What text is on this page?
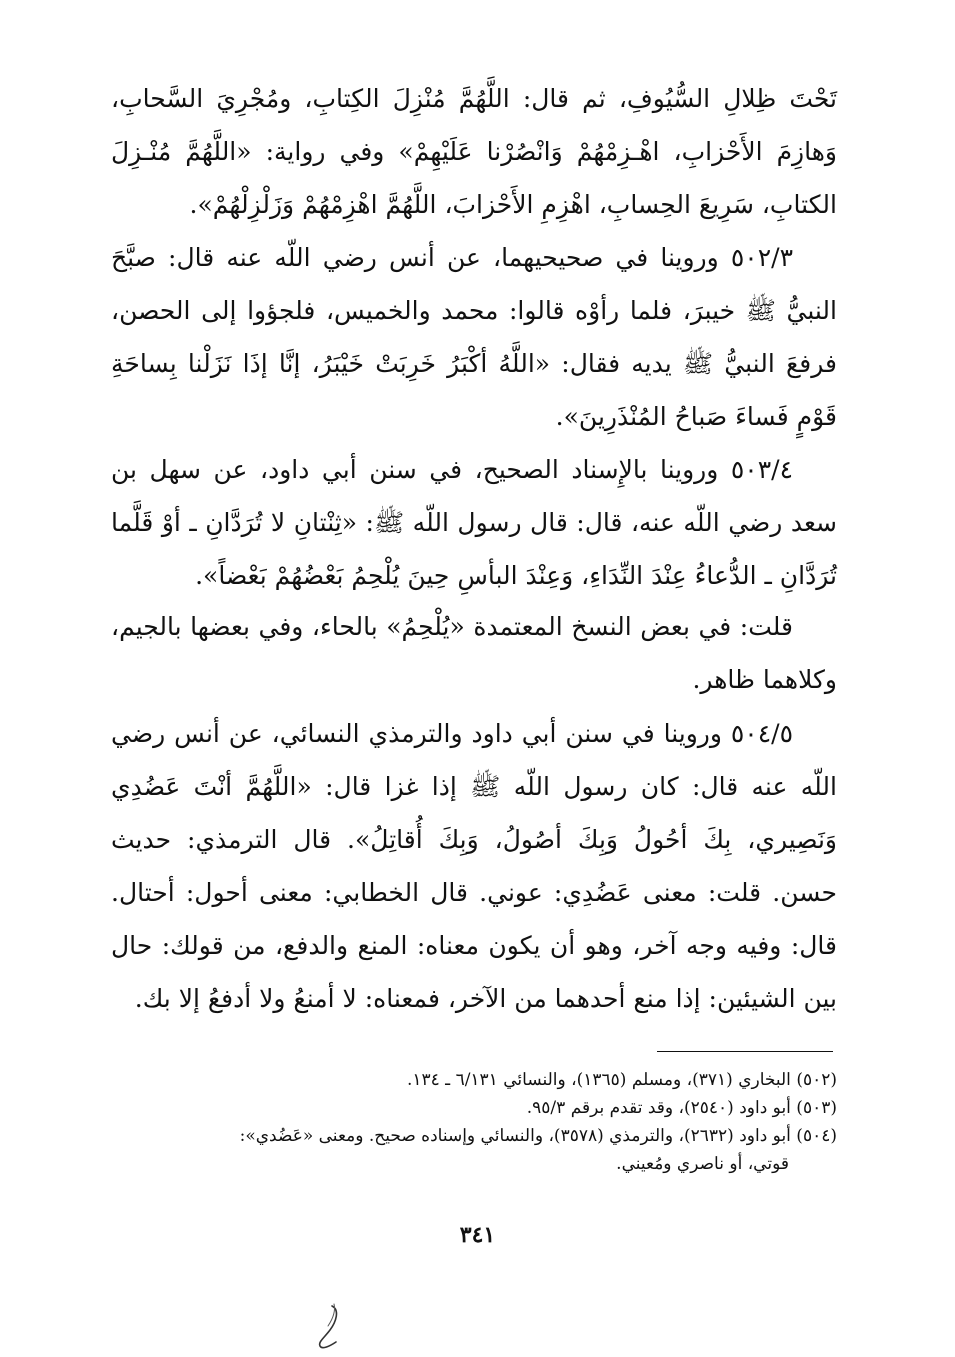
تَحْتَ ظِلالِ السُّيُوفِ، ثم قال: اللَّهُمَّ مُنْزِلَ الكِتابِ، ومُجْرِيَ السَّحابِ، وَهازِمَ الأَحْزابِ، اهْـزِمْهُمْ وَانْصُرْنا عَلَيْهِمْ» وفي رواية: «اللَّهُمَّ مُنْـزِلَ الكتابِ، سَرِيعَ الحِسابِ، اهْزِمِ الأَحْزابَ، اللَّهُمَّ اهْزِمْهُمْ وَزَلْزِلْهُمْ».

٥٠٢/٣ وروينا في صحيحيهما، عن أنس رضي اللّه عنه قال: صبَّحَ النبيُّ ﷺ خيبرَ، فلما رأوْه قالوا: محمد والخميس، فلجؤوا إلى الحصن، فرفعَ النبيُّ ﷺ يديه فقال: «اللَّهُ أكْبَرُ خَرِبَتْ خَيْبَرُ، إنَّا إذَا نَزَلْنا بِساحَةِ قَوْمٍ فَساءَ صَباحُ المُنْذَرِينَ».

٥٠٣/٤ وروينا بالإِسناد الصحيح، في سنن أبي داود، عن سهل بن سعد رضي اللّه عنه، قال: قال رسول اللّه ﷺ: «ثِنْتانِ لا تُرَدَّانِ ـ أوْ قَلَّما تُرَدَّانِ ـ الدُّعاءُ عِنْدَ النِّدَاءِ، وَعِنْدَ البأسِ حِينَ يُلْحِمُ بَعْضُهُمْ بَعْضاً».

قلت: في بعض النسخ المعتمدة «يُلْحِمُ» بالحاء، وفي بعضها بالجيم، وكلاهما ظاهر.

٥٠٤/٥ وروينا في سنن أبي داود والترمذي النسائي، عن أنس رضي اللّه عنه قال: كان رسول اللّه ﷺ إذا غزا قال: «اللَّهُمَّ أنْتَ عَضُدِي وَنَصِيري، بِكَ أحُولُ وَبِكَ أصُولُ، وَبِكَ أُقاتِلُ». قال الترمذي: حديث حسن. قلت: معنى عَضُدِي: عوني. قال الخطابي: معنى أحول: أحتال. قال: وفيه وجه آخر، وهو أن يكون معناه: المنع والدفع، من قولك: حال بين الشيئين: إذا منع أحدهما من الآخر، فمعناه: لا أمنعُ ولا أدفعُ إلا بك.

(٥٠٢) البخاري (٣٧١)، ومسلم (١٣٦٥)، والنسائي ٦/١٣١ ـ ١٣٤.

(٥٠٣) أبو داود (٢٥٤٠)، وقد تقدم برقم ٩٥/٣.

(٥٠٤) أبو داود (٢٦٣٢)، والترمذي (٣٥٧٨)، والنسائي وإسناده صحيح. ومعنى «عَضُدي»:

قوتي، أو ناصري ومُعيني.

٣٤١
